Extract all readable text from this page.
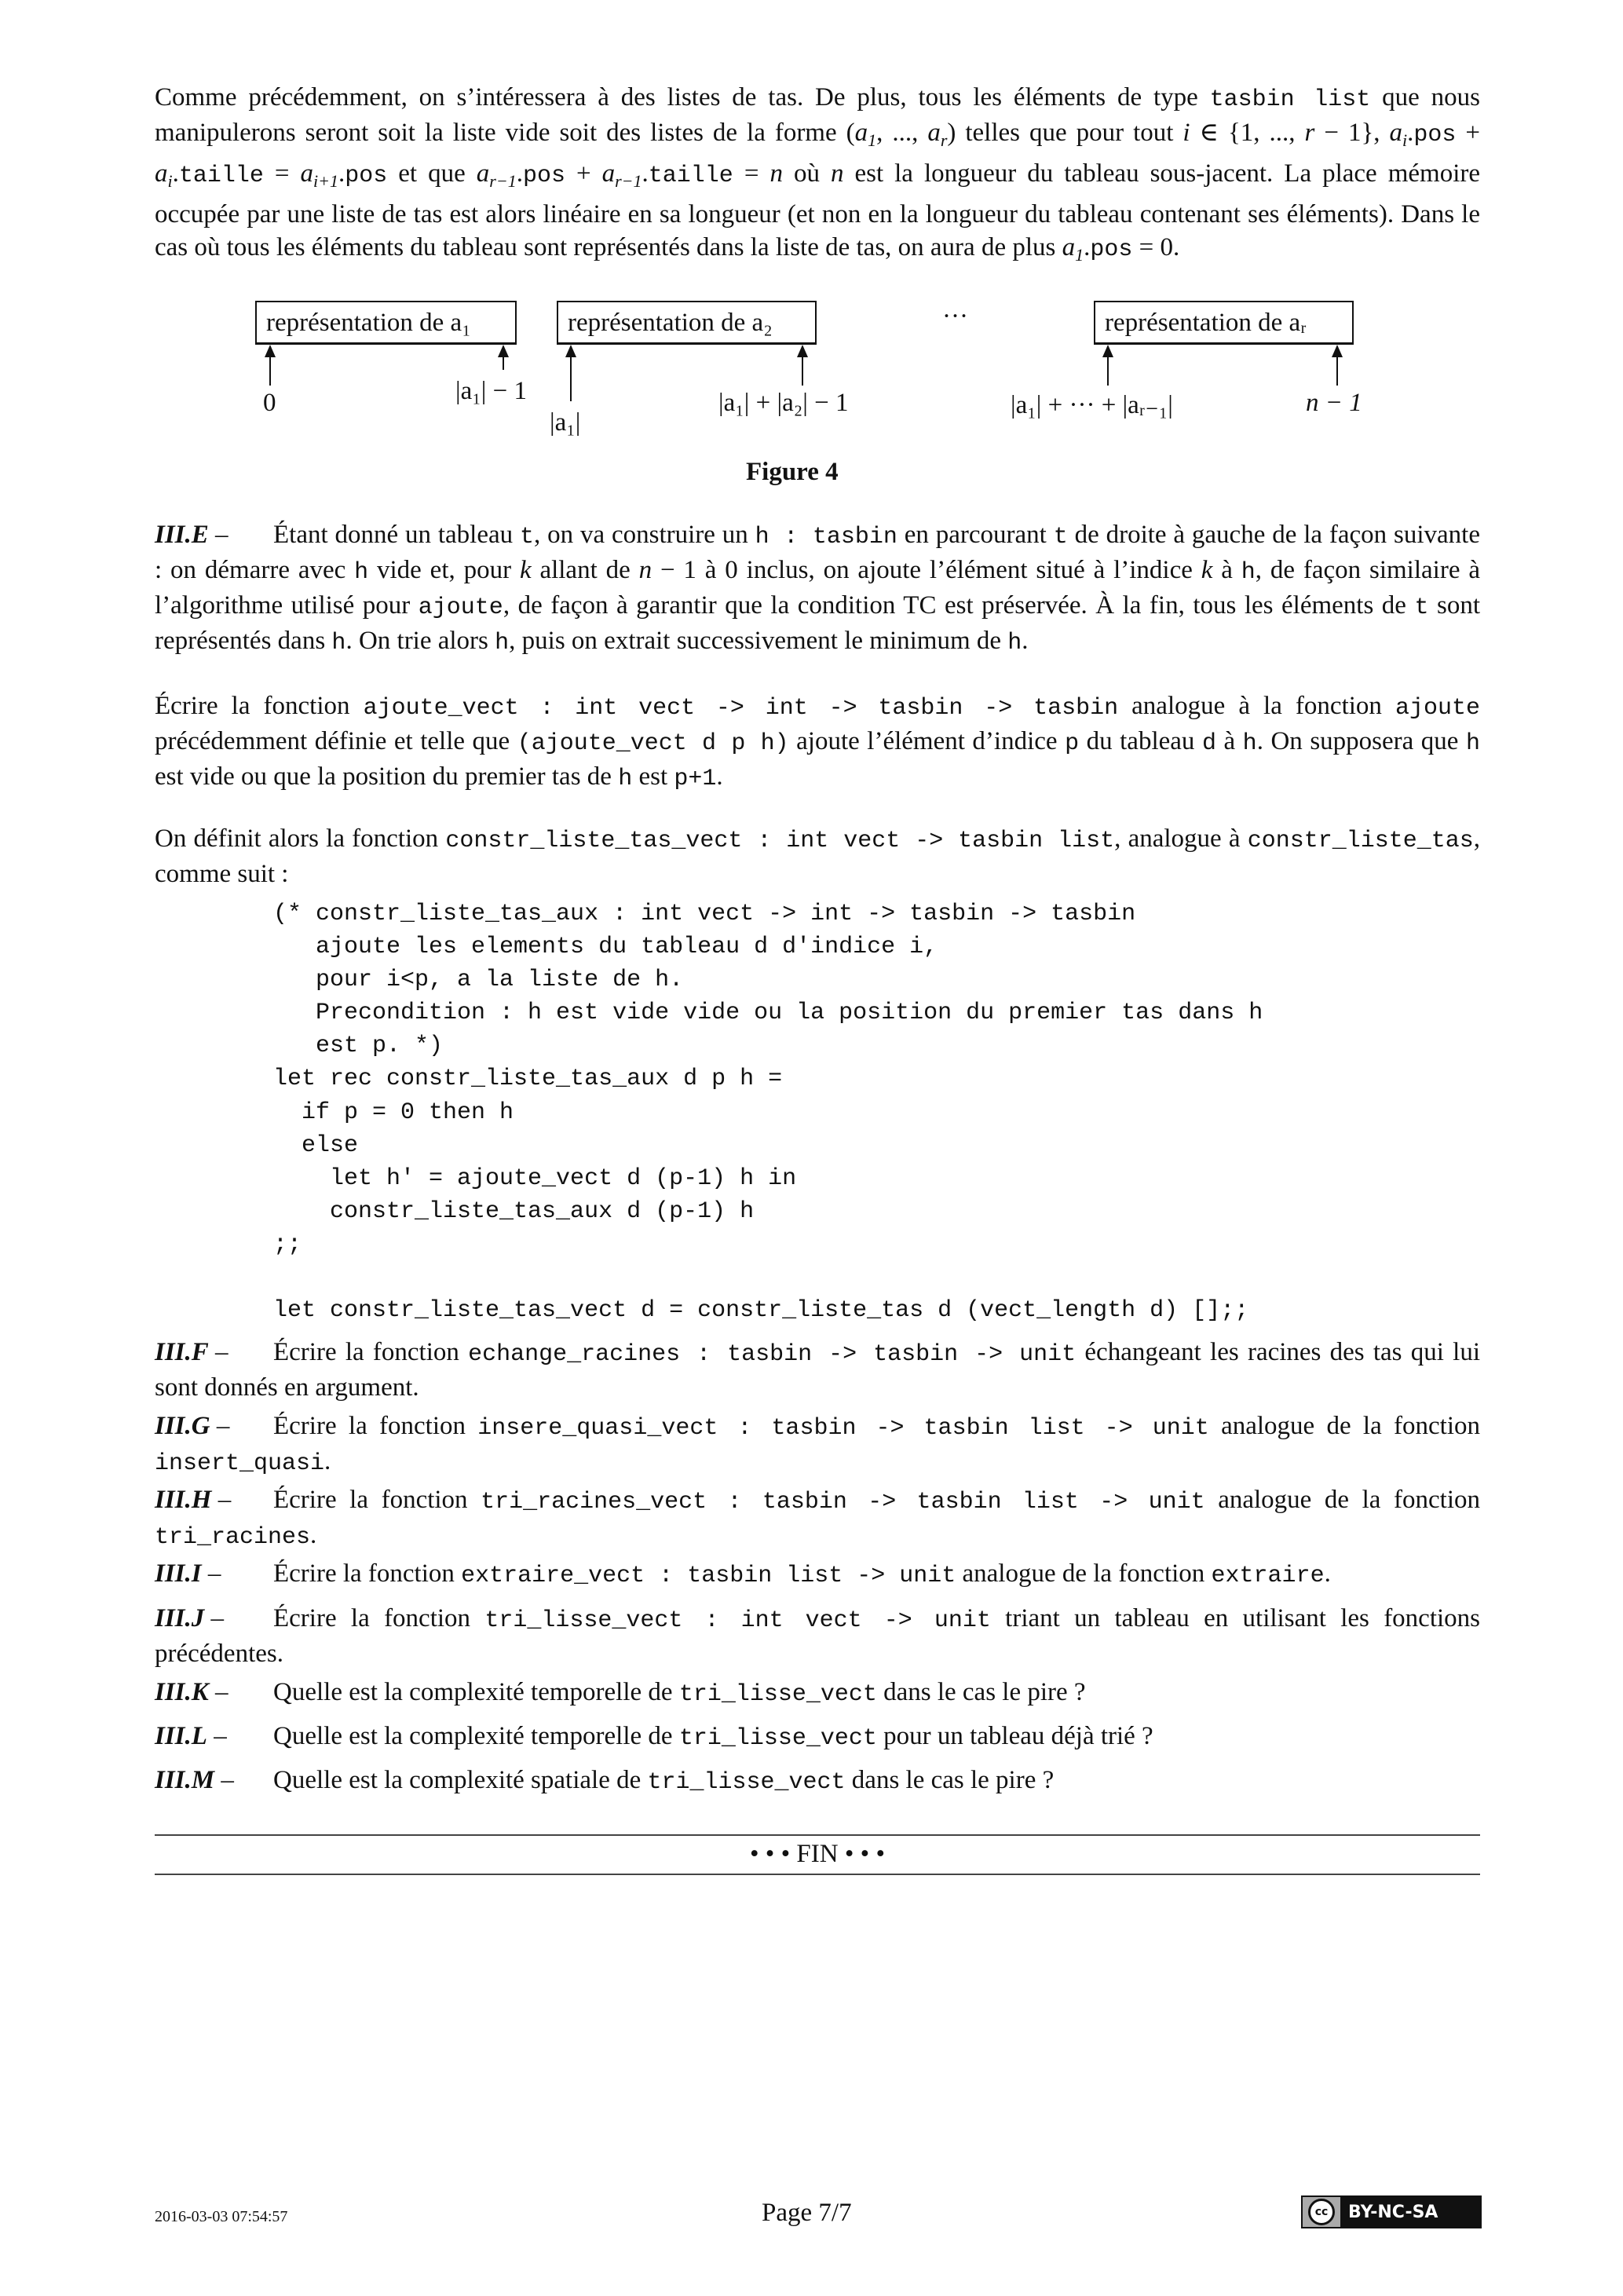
Comme précédemment, on s’intéressera à des listes de tas. De plus, tous les éléments de type tasbin list que nous manipulerons seront soit la liste vide soit des listes de la forme ($a_1$, ..., $a_r$) telles que pour tout i ∈ {1, ..., r − 1}, $a_i.pos$ + $a_i.taille = a_{i+1}.pos$ et que $a_{r-1}.pos$ + $a_{r-1}.taille = n$ où n est la longueur du tableau sous-jacent. La place mémoire occupée par une liste de tas est alors linéaire en sa longueur (et non en la longueur du tableau contenant ses éléments). Dans le cas où tous les éléments du tableau sont représentés dans la liste de tas, on aura de plus $a_1.pos = 0$.
représentation de a₁	représentation de a₂	···	représentation de aᵣ
0	|a₁| − 1
|a₁|
|a₁| + |a₂| − 1	|a₁| + ··· + |aᵣ₋₁|	n − 1
Figure 4
III.E – Étant donné un tableau t, on va construire un h : tasbin en parcourant t de droite à gauche de la façon suivante : on démarre avec h vide et, pour k allant de n − 1 à 0 inclus, on ajoute l’élément situé à l’indice k à h, de façon similaire à l’algorithme utilisé pour ajoute, de façon à garantir que la condition TC est préservée. À la fin, tous les éléments de t sont représentés dans h. On trie alors h, puis on extrait successivement le minimum de h.
Écrire la fonction ajoute_vect : int vect -> int -> tasbin -> tasbin analogue à la fonction ajoute précédemment définie et telle que (ajoute_vect d p h) ajoute l’élément d’indice p du tableau d à h. On supposera que h est vide ou que la position du premier tas de h est p+1.
On définit alors la fonction constr_liste_tas_vect : int vect -> tasbin list, analogue à constr_liste_tas, comme suit :
(* constr_liste_tas_aux : int vect -> int -> tasbin -> tasbin
ajoute les elements du tableau d d'indice i,
pour i<p, a la liste de h.
Precondition : h est vide vide ou la position du premier tas dans h
est p. *)
let rec constr_liste_tas_aux d p h =
if p = 0 then h
else
let h' = ajoute_vect d (p-1) h in
constr_liste_tas_aux d (p-1) h
;;

let constr_liste_tas_vect d = constr_liste_tas d (vect_length d) [];;
III.F – Écrire la fonction echange_racines : tasbin -> tasbin -> unit échangeant les racines des tas qui lui sont donnés en argument.
III.G – Écrire la fonction insere_quasi_vect : tasbin -> tasbin list -> unit analogue de la fonction insert_quasi.
III.H – Écrire la fonction tri_racines_vect : tasbin -> tasbin list -> unit analogue de la fonction tri_racines.
III.I – Écrire la fonction extraire_vect : tasbin list -> unit analogue de la fonction extraire.
III.J – Écrire la fonction tri_lisse_vect : int vect -> unit triant un tableau en utilisant les fonctions précédentes.
III.K – Quelle est la complexité temporelle de tri_lisse_vect dans le cas le pire ?
III.L – Quelle est la complexité temporelle de tri_lisse_vect pour un tableau déjà trié ?
III.M – Quelle est la complexité spatiale de tri_lisse_vect dans le cas le pire ?
• • • FIN • • •
2016-03-03 07:54:57	Page 7/7	cc	BY-NC-SA
